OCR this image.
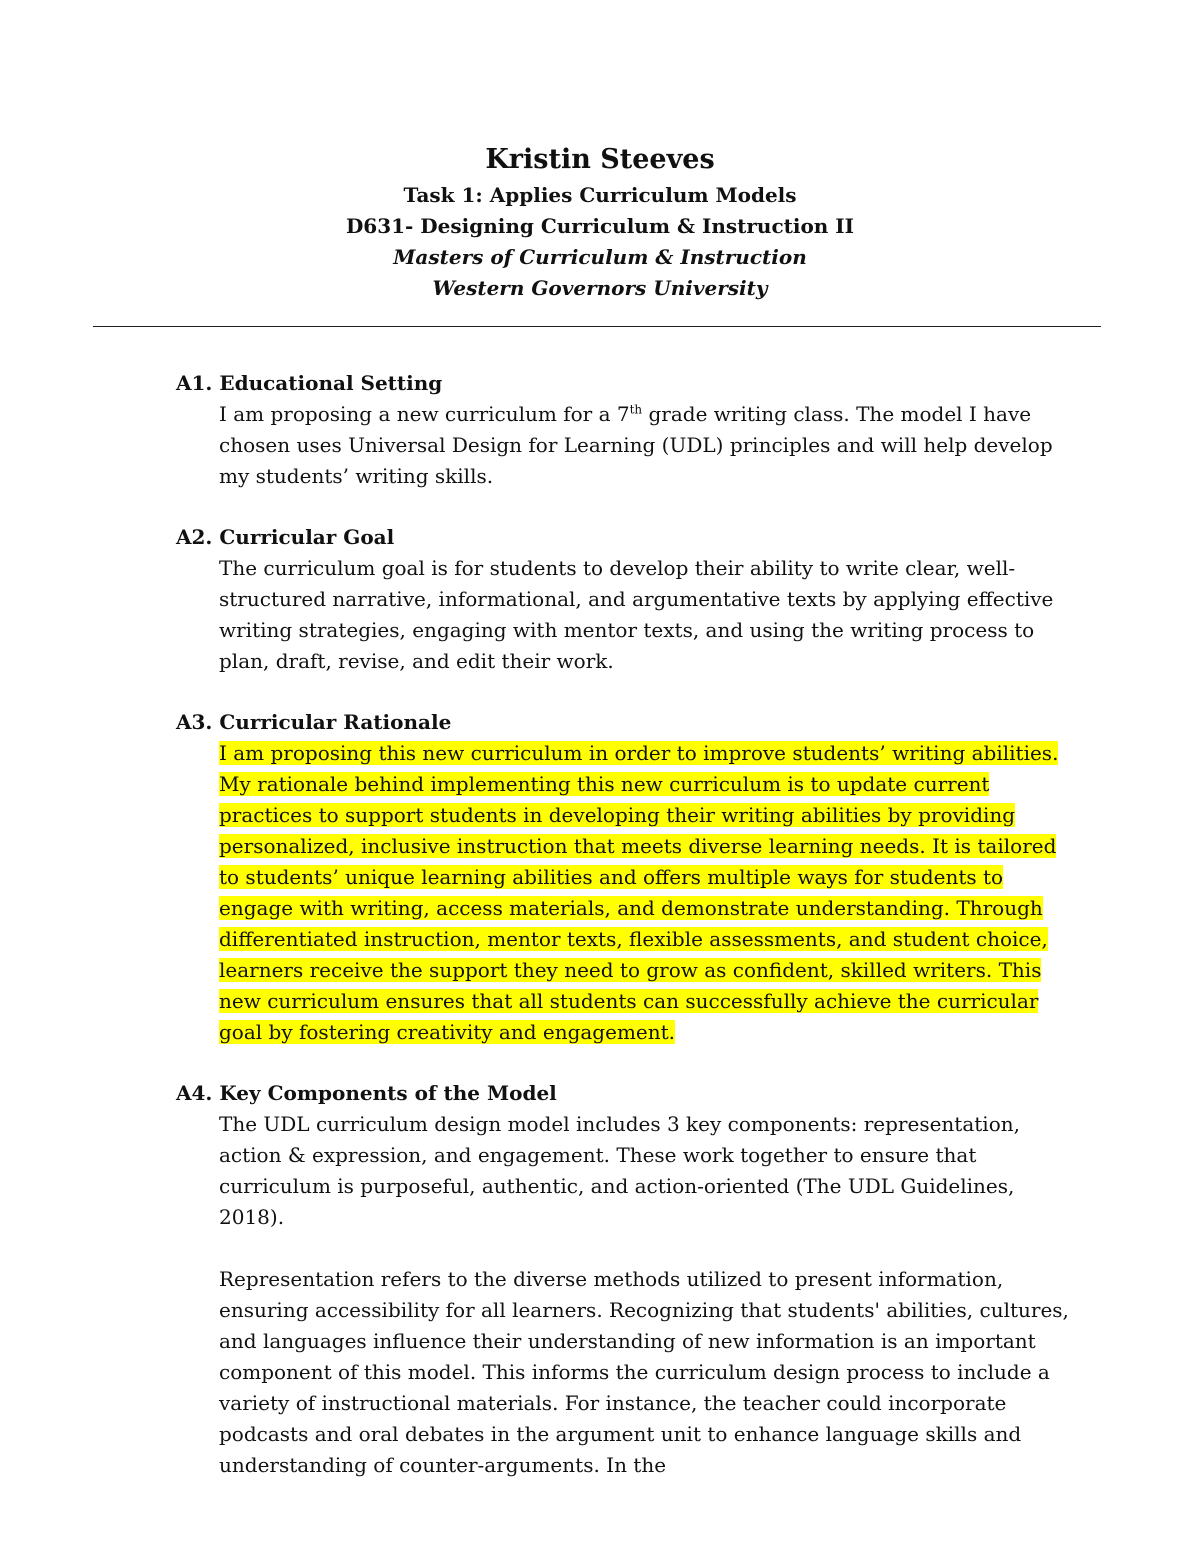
Kristin Steeves

Task 1: Applies Curriculum Models

D631- Designing Curriculum & Instruction II

Masters of Curriculum & Instruction

Western Governors University

A1. Educational Setting

I am proposing a new curriculum for a 7th grade writing class. The model I have chosen uses Universal Design for Learning (UDL) principles and will help develop my students’ writing skills.

A2. Curricular Goal

The curriculum goal is for students to develop their ability to write clear, well-structured narrative, informational, and argumentative texts by applying effective writing strategies, engaging with mentor texts, and using the writing process to plan, draft, revise, and edit their work.

A3. Curricular Rationale

I am proposing this new curriculum in order to improve students’ writing abilities. My rationale behind implementing this new curriculum is to update current practices to support students in developing their writing abilities by providing personalized, inclusive instruction that meets diverse learning needs. It is tailored to students’ unique learning abilities and offers multiple ways for students to engage with writing, access materials, and demonstrate understanding. Through differentiated instruction, mentor texts, flexible assessments, and student choice, learners receive the support they need to grow as confident, skilled writers. This new curriculum ensures that all students can successfully achieve the curricular goal by fostering creativity and engagement.

A4. Key Components of the Model

The UDL curriculum design model includes 3 key components: representation, action & expression, and engagement. These work together to ensure that curriculum is purposeful, authentic, and action-oriented (The UDL Guidelines, 2018).

Representation refers to the diverse methods utilized to present information, ensuring accessibility for all learners. Recognizing that students' abilities, cultures, and languages influence their understanding of new information is an important component of this model. This informs the curriculum design process to include a variety of instructional materials. For instance, the teacher could incorporate podcasts and oral debates in the argument unit to enhance language skills and understanding of counter-arguments. In the
